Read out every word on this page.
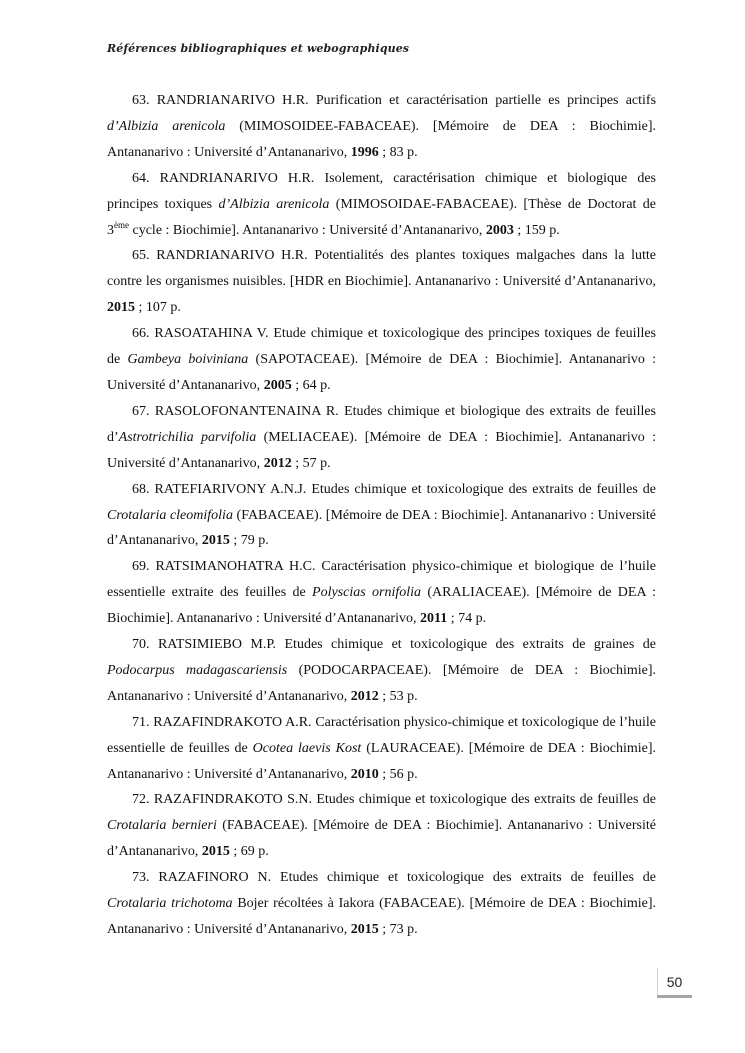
Références bibliographiques et webographiques

63. RANDRIANARIVO H.R. Purification et caractérisation partielle es principes actifs d’Albizia arenicola (MIMOSOIDEE-FABACEAE). [Mémoire de DEA : Biochimie]. Antananarivo : Université d’Antananarivo, 1996 ; 83 p.

64. RANDRIANARIVO H.R. Isolement, caractérisation chimique et biologique des principes toxiques d’Albizia arenicola (MIMOSOIDAE-FABACEAE). [Thèse de Doctorat de 3ème cycle : Biochimie]. Antananarivo : Université d’Antananarivo, 2003 ; 159 p.

65. RANDRIANARIVO H.R. Potentialités des plantes toxiques malgaches dans la lutte contre les organismes nuisibles. [HDR en Biochimie]. Antananarivo : Université d’Antananarivo, 2015 ; 107 p.

66. RASOATAHINA V. Etude chimique et toxicologique des principes toxiques de feuilles de Gambeya boiviniana (SAPOTACEAE). [Mémoire de DEA : Biochimie]. Antananarivo : Université d’Antananarivo, 2005 ; 64 p.

67. RASOLOFONANTENAINA R. Etudes chimique et biologique des extraits de feuilles d’Astrotrichilia parvifolia (MELIACEAE). [Mémoire de DEA : Biochimie]. Antananarivo : Université d’Antananarivo, 2012 ; 57 p.

68. RATEFIARIVONY A.N.J. Etudes chimique et toxicologique des extraits de feuilles de Crotalaria cleomifolia (FABACEAE). [Mémoire de DEA : Biochimie]. Antananarivo : Université d’Antananarivo, 2015 ; 79 p.

69. RATSIMANOHATRA H.C. Caractérisation physico-chimique et biologique de l’huile essentielle extraite des feuilles de Polyscias ornifolia (ARALIACEAE). [Mémoire de DEA : Biochimie]. Antananarivo : Université d’Antananarivo, 2011 ; 74 p.

70. RATSIMIEBO M.P. Etudes chimique et toxicologique des extraits de graines de Podocarpus madagascariensis (PODOCARPACEAE). [Mémoire de DEA : Biochimie]. Antananarivo : Université d’Antananarivo, 2012 ; 53 p.

71. RAZAFINDRAKOTO A.R. Caractérisation physico-chimique et toxicologique de l’huile essentielle de feuilles de Ocotea laevis Kost (LAURACEAE). [Mémoire de DEA : Biochimie]. Antananarivo : Université d’Antananarivo, 2010 ; 56 p.

72. RAZAFINDRAKOTO S.N. Etudes chimique et toxicologique des extraits de feuilles de Crotalaria bernieri (FABACEAE). [Mémoire de DEA : Biochimie]. Antananarivo : Université d’Antananarivo, 2015 ; 69 p.

73. RAZAFINORO N. Etudes chimique et toxicologique des extraits de feuilles de Crotalaria trichotoma Bojer récoltées à Iakora (FABACEAE). [Mémoire de DEA : Biochimie]. Antananarivo : Université d’Antananarivo, 2015 ; 73 p.

50
